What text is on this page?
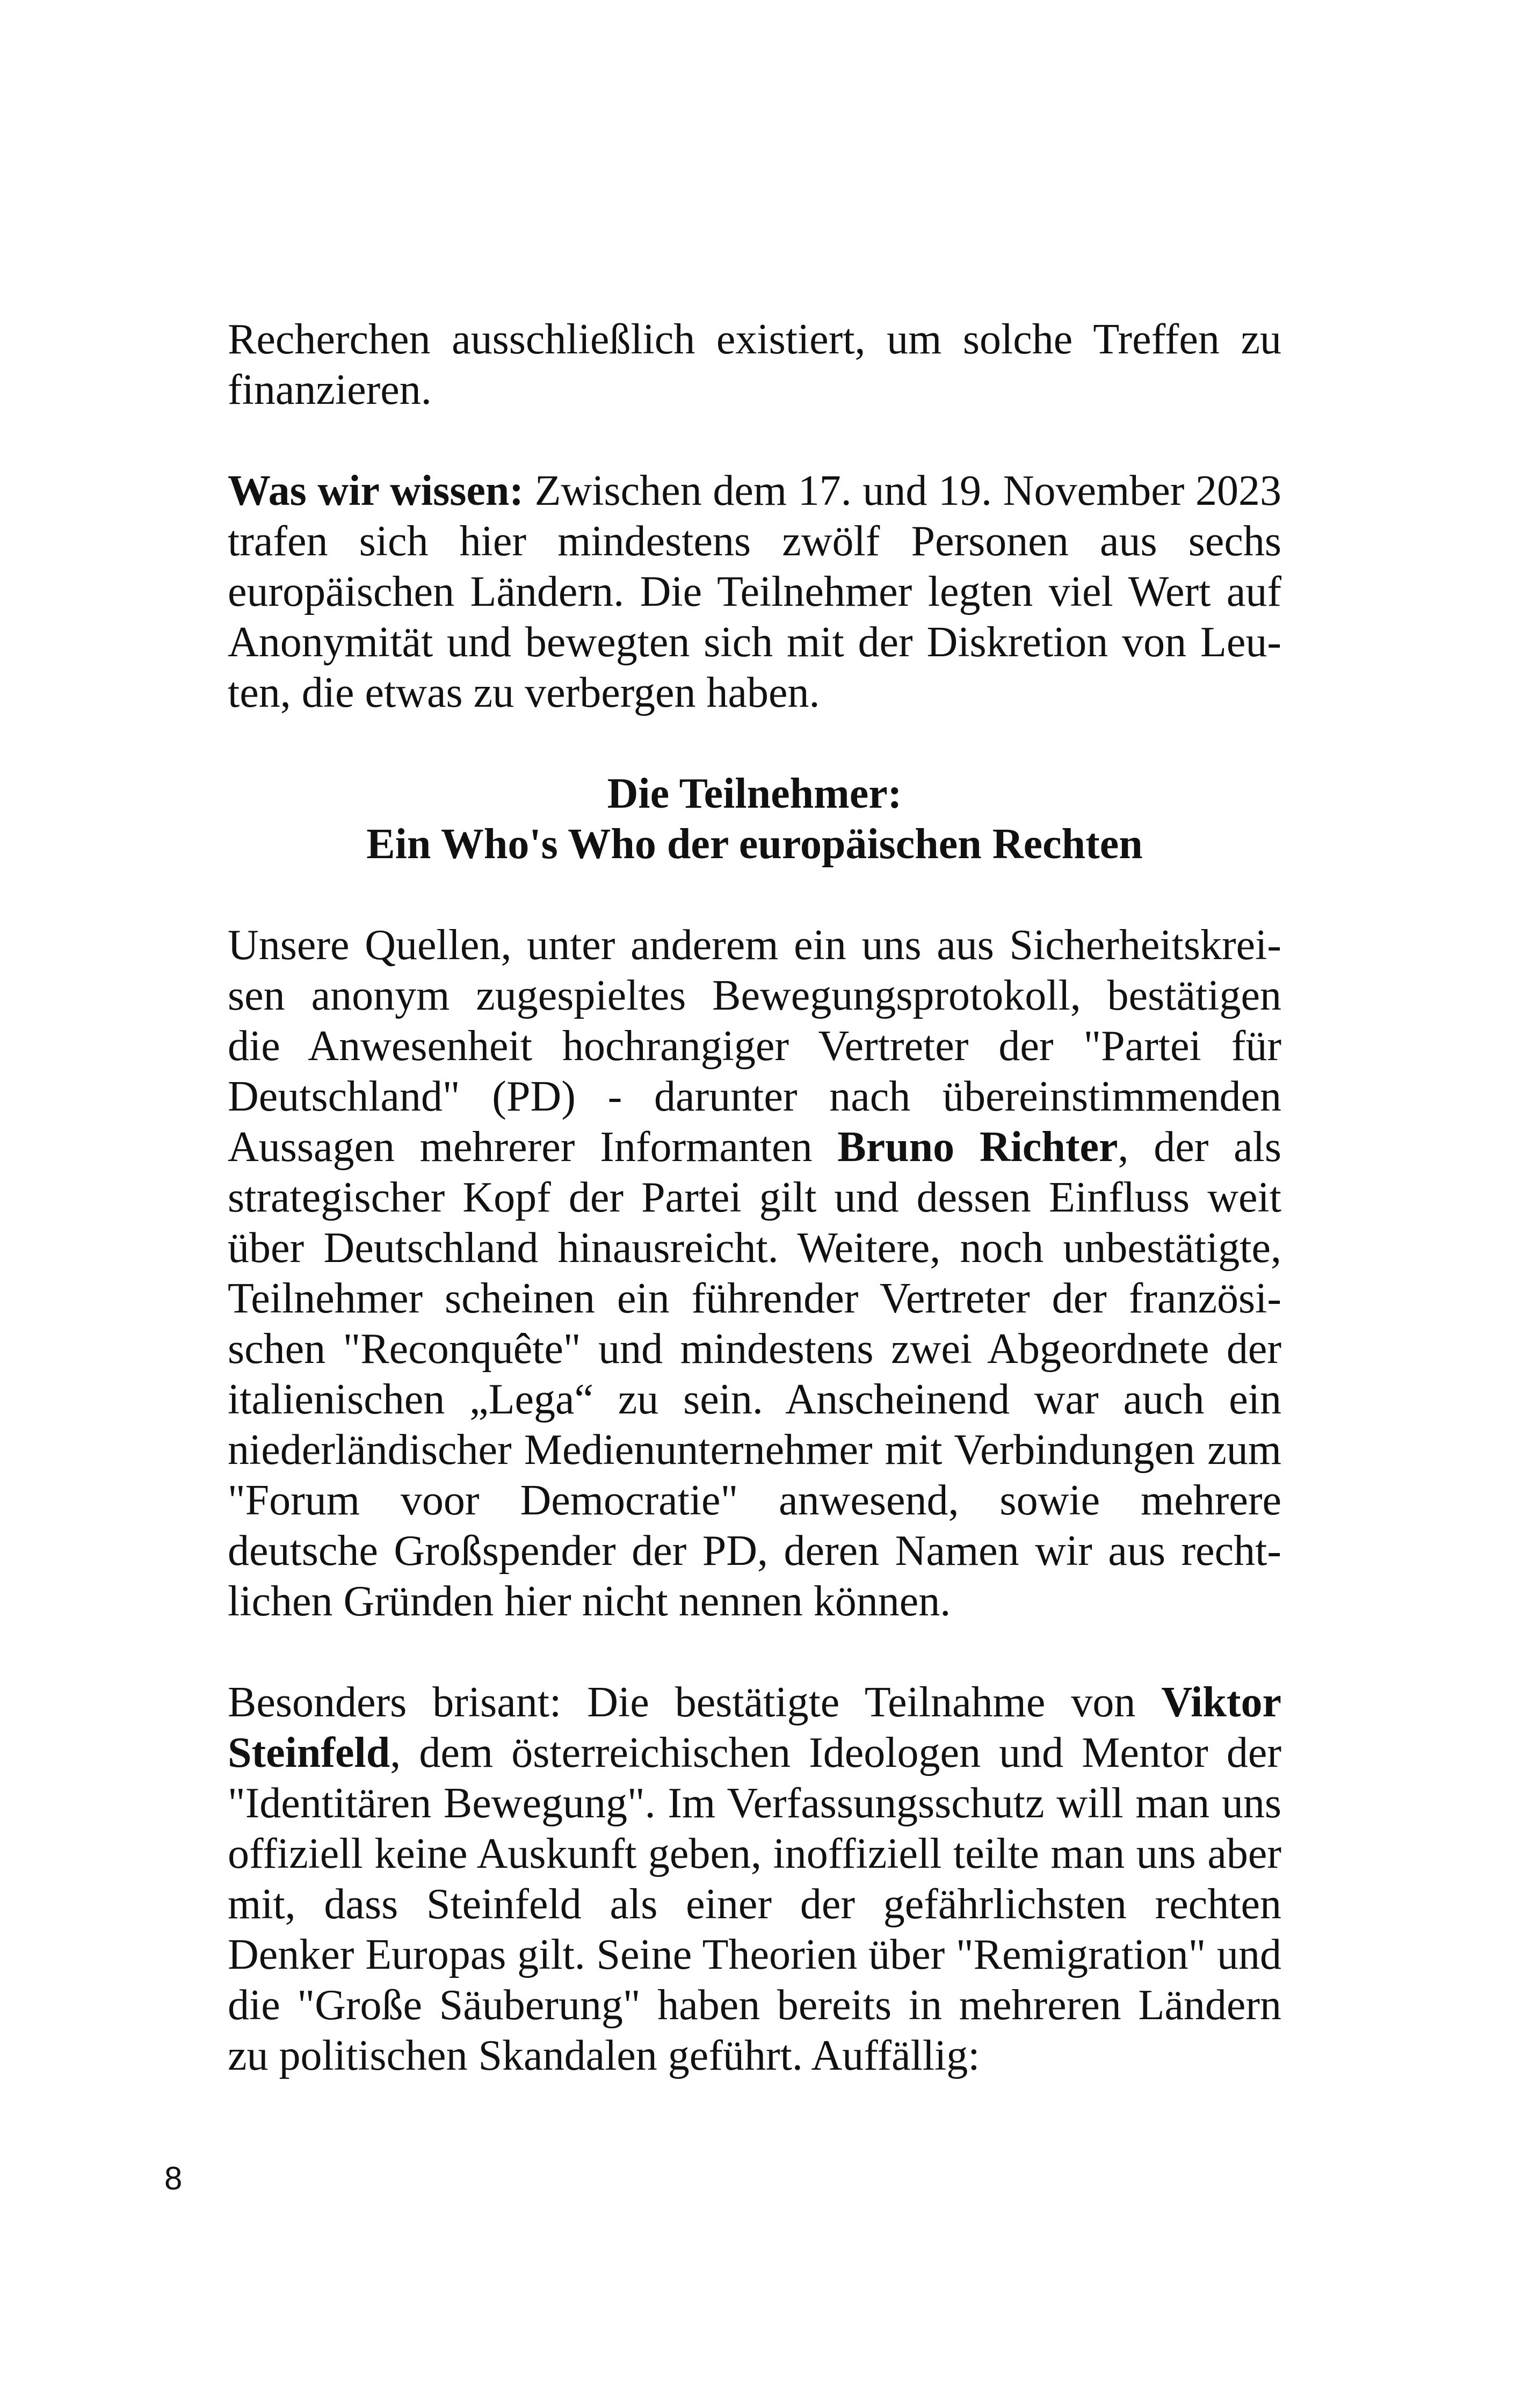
Recherchen ausschließlich existiert, um solche Treffen zu finanzieren.

Was wir wissen: Zwischen dem 17. und 19. November 2023 trafen sich hier mindestens zwölf Personen aus sechs europäischen Ländern. Die Teilnehmer legten viel Wert auf Anonymität und bewegten sich mit der Diskretion von Leuten, die etwas zu verbergen haben.

Die Teilnehmer:

Ein Who's Who der europäischen Rechten

Unsere Quellen, unter anderem ein uns aus Sicherheitskreisen anonym zugespieltes Bewegungsprotokoll, bestätigen die Anwesenheit hochrangiger Vertreter der "Partei für Deutschland" (PD) - darunter nach übereinstimmenden Aussagen mehrerer Informanten Bruno Richter, der als strategischer Kopf der Partei gilt und dessen Einfluss weit über Deutschland hinausreicht. Weitere, noch unbestätigte, Teilnehmer scheinen ein führender Vertreter der französischen "Reconquête" und mindestens zwei Abgeordnete der italienischen „Lega“ zu sein. Anscheinend war auch ein niederländischer Medienunternehmer mit Verbindungen zum "Forum voor Democratie" anwesend, sowie mehrere deutsche Großspender der PD, deren Namen wir aus rechtlichen Gründen hier nicht nennen können.

Besonders brisant: Die bestätigte Teilnahme von Viktor Steinfeld, dem österreichischen Ideologen und Mentor der "Identitären Bewegung". Im Verfassungsschutz will man uns offiziell keine Auskunft geben, inoffiziell teilte man uns aber mit, dass Steinfeld als einer der gefährlichsten rechten Denker Europas gilt. Seine Theorien über "Remigration" und die "Große Säuberung" haben bereits in mehreren Ländern zu politischen Skandalen geführt. Auffällig:

8
